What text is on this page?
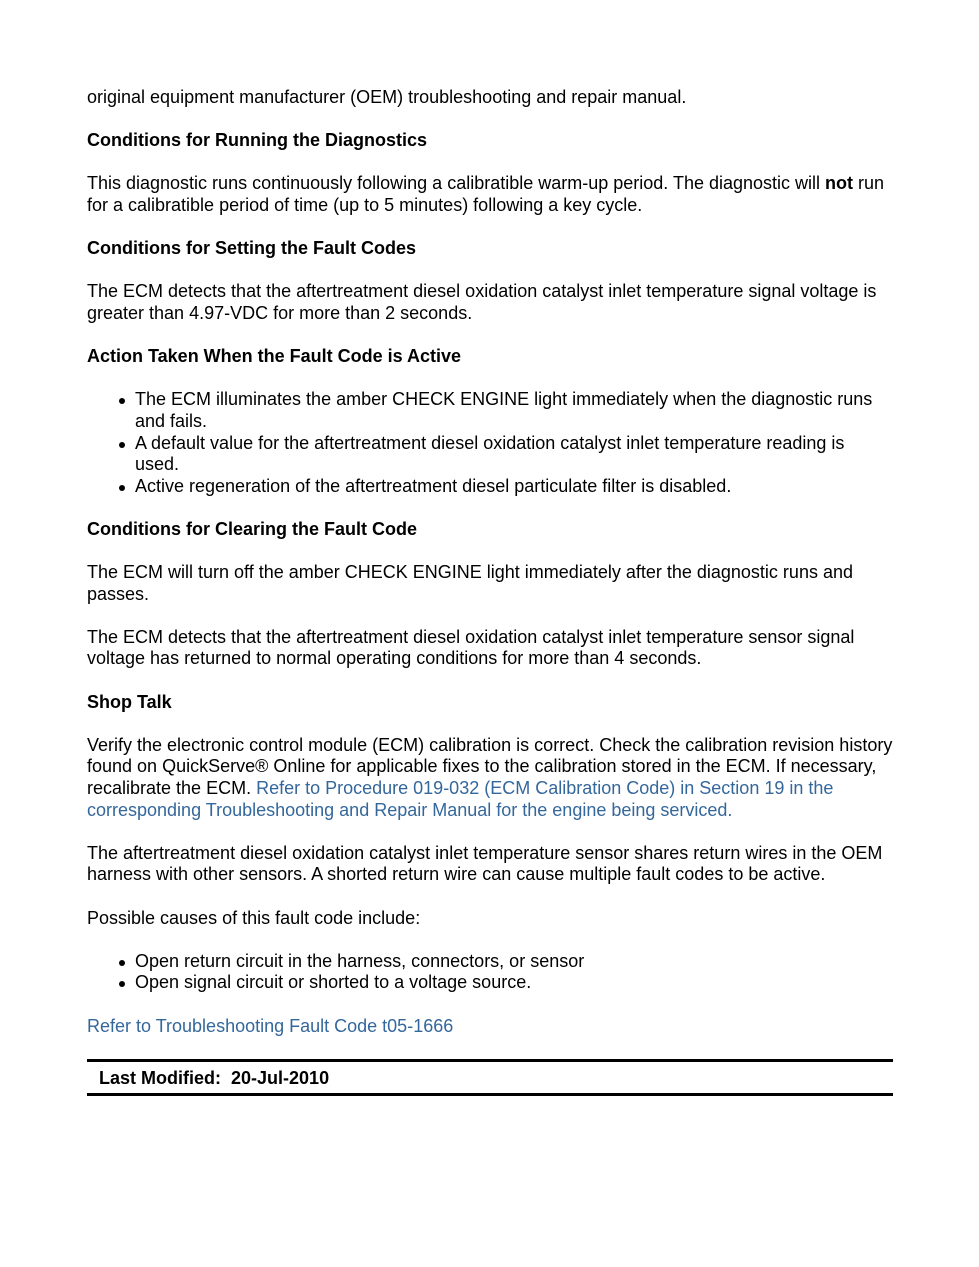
original equipment manufacturer (OEM) troubleshooting and repair manual.

Conditions for Running the Diagnostics

This diagnostic runs continuously following a calibratible warm-up period. The diagnostic will not run for a calibratible period of time (up to 5 minutes) following a key cycle.

Conditions for Setting the Fault Codes

The ECM detects that the aftertreatment diesel oxidation catalyst inlet temperature signal voltage is greater than 4.97-VDC for more than 2 seconds.

Action Taken When the Fault Code is Active
The ECM illuminates the amber CHECK ENGINE light immediately when the diagnostic runs and fails.
A default value for the aftertreatment diesel oxidation catalyst inlet temperature reading is used.
Active regeneration of the aftertreatment diesel particulate filter is disabled.
Conditions for Clearing the Fault Code

The ECM will turn off the amber CHECK ENGINE light immediately after the diagnostic runs and passes.

The ECM detects that the aftertreatment diesel oxidation catalyst inlet temperature sensor signal voltage has returned to normal operating conditions for more than 4 seconds.

Shop Talk

Verify the electronic control module (ECM) calibration is correct. Check the calibration revision history found on QuickServe® Online for applicable fixes to the calibration stored in the ECM. If necessary, recalibrate the ECM. Refer to Procedure 019-032 (ECM Calibration Code) in Section 19 in the corresponding Troubleshooting and Repair Manual for the engine being serviced.

The aftertreatment diesel oxidation catalyst inlet temperature sensor shares return wires in the OEM harness with other sensors. A shorted return wire can cause multiple fault codes to be active.

Possible causes of this fault code include:

Open return circuit in the harness, connectors, or sensor
Open signal circuit or shorted to a voltage source.

Refer to Troubleshooting Fault Code t05-1666

Last Modified: 20-Jul-2010
